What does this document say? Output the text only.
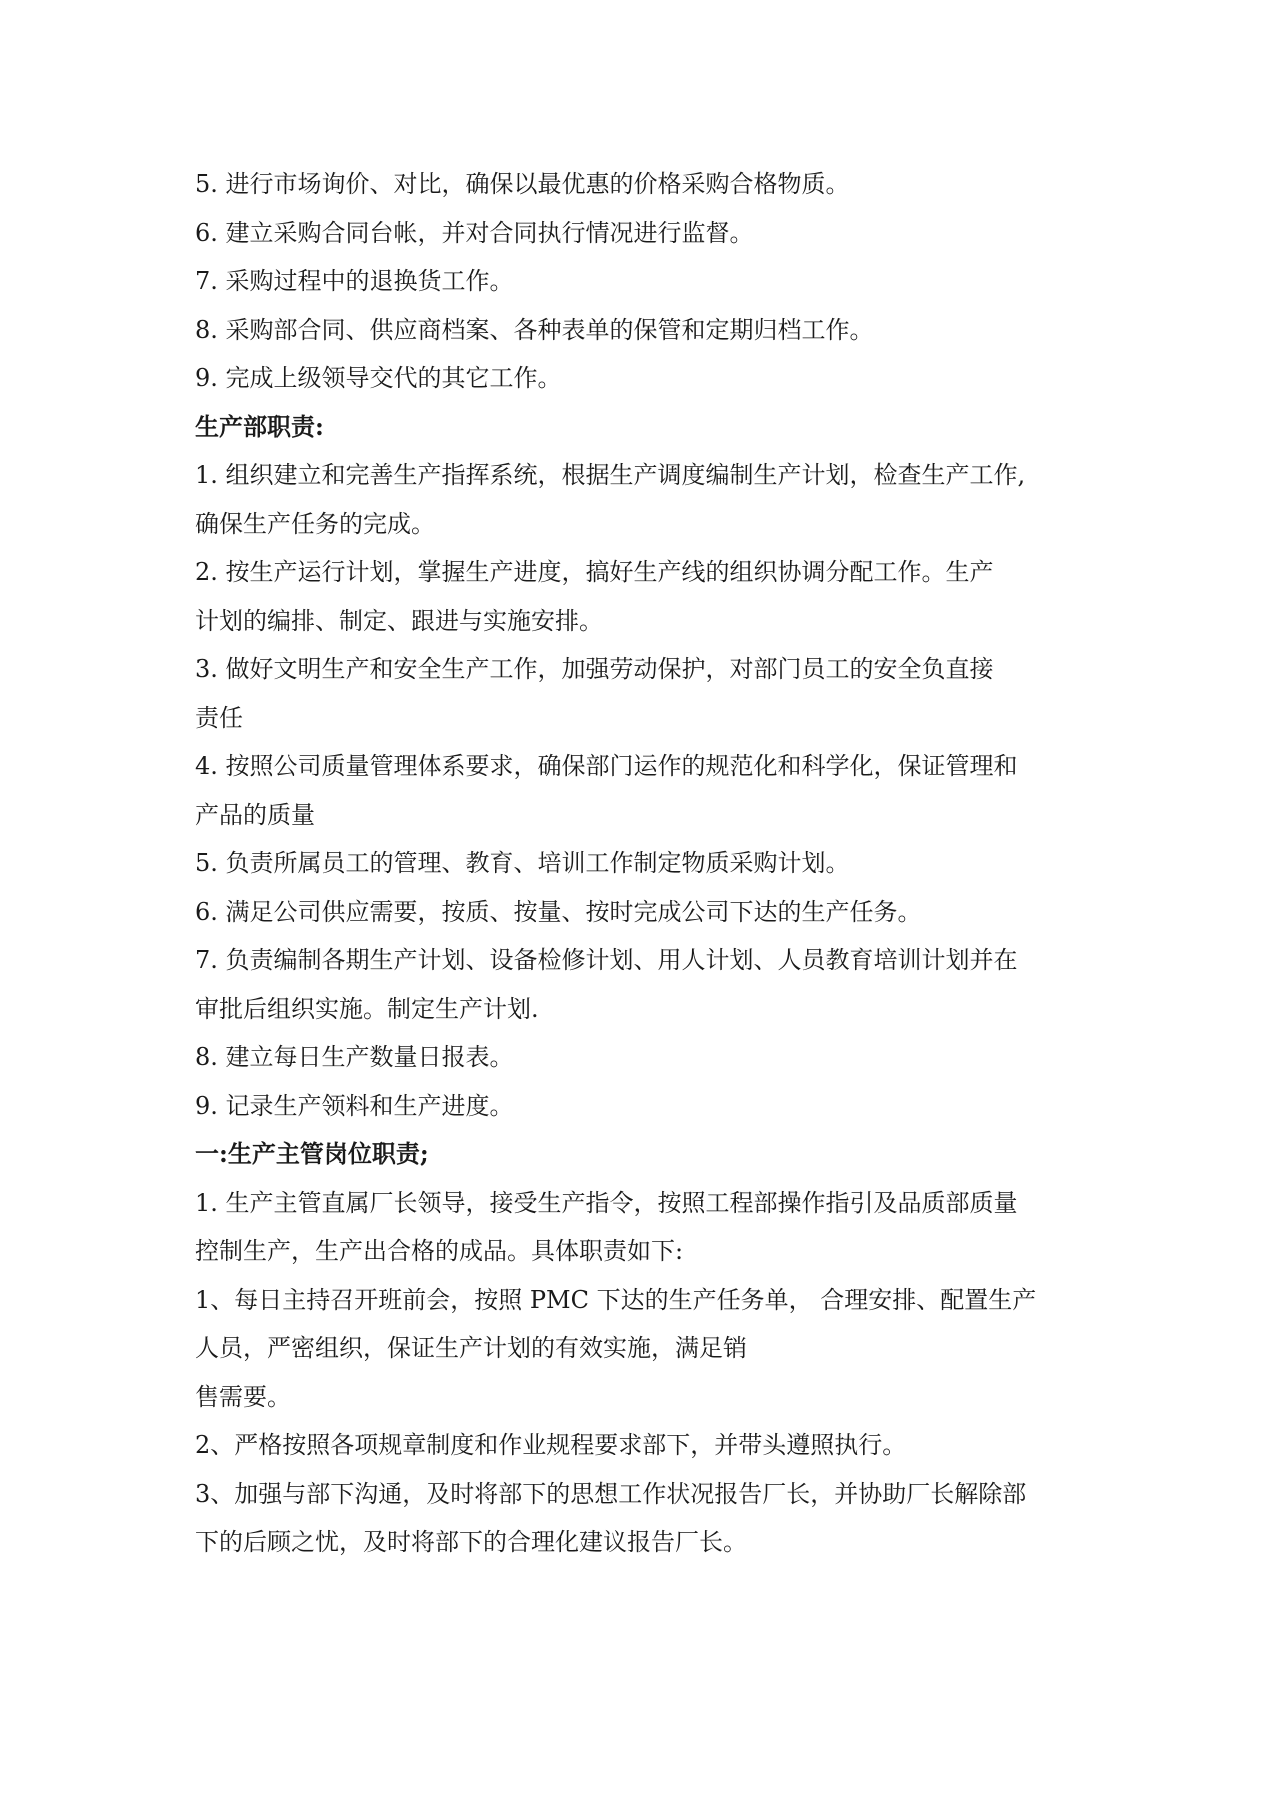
5. 进行市场询价、对比，确保以最优惠的价格采购合格物质。
6. 建立采购合同台帐，并对合同执行情况进行监督。
7. 采购过程中的退换货工作。
8. 采购部合同、供应商档案、各种表单的保管和定期归档工作。
9. 完成上级领导交代的其它工作。
生产部职责:
1. 组织建立和完善生产指挥系统，根据生产调度编制生产计划，检查生产工作,
确保生产任务的完成。
2. 按生产运行计划，掌握生产进度，搞好生产线的组织协调分配工作。生产
计划的编排、制定、跟进与实施安排。
3. 做好文明生产和安全生产工作，加强劳动保护，对部门员工的安全负直接
责任
4. 按照公司质量管理体系要求，确保部门运作的规范化和科学化，保证管理和
产品的质量
5. 负责所属员工的管理、教育、培训工作制定物质采购计划。
6. 满足公司供应需要，按质、按量、按时完成公司下达的生产任务。
7. 负责编制各期生产计划、设备检修计划、用人计划、人员教育培训计划并在
审批后组织实施。制定生产计划.
8. 建立每日生产数量日报表。
9. 记录生产领料和生产进度。
一:生产主管岗位职责;
1. 生产主管直属厂长领导，接受生产指令，按照工程部操作指引及品质部质量
控制生产，生产出合格的成品。具体职责如下:
1、每日主持召开班前会，按照 PMC 下达的生产任务单， 合理安排、配置生产
人员，严密组织，保证生产计划的有效实施，满足销
售需要。
2、严格按照各项规章制度和作业规程要求部下，并带头遵照执行。
3、加强与部下沟通，及时将部下的思想工作状况报告厂长，并协助厂长解除部
下的后顾之忧，及时将部下的合理化建议报告厂长。
